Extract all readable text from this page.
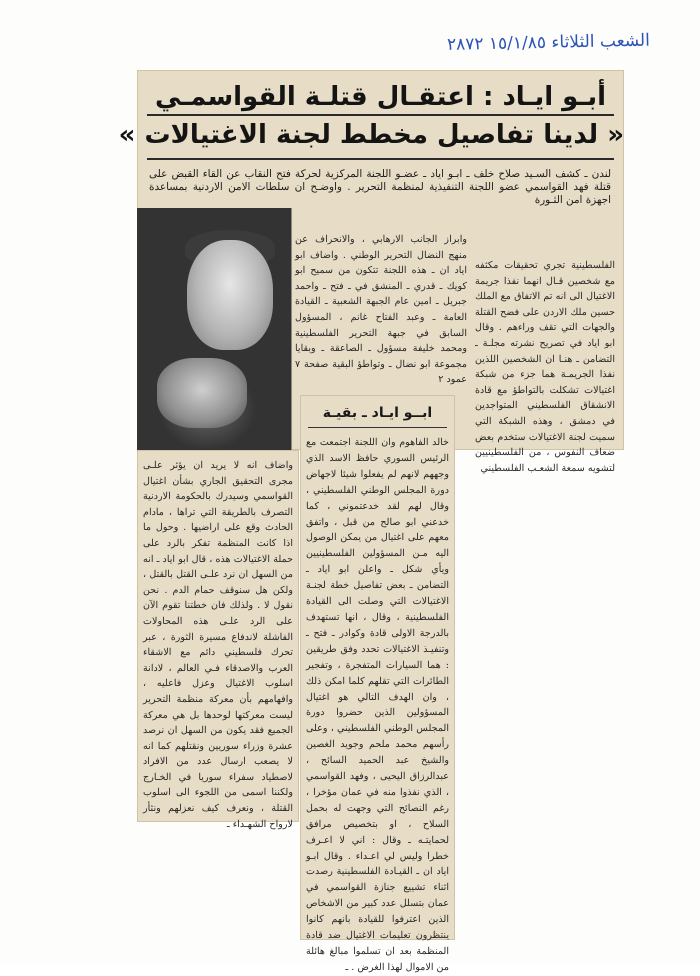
الشعب الثلاثاء ١٥/١/٨٥ ٢٨٧٢
أبـو ايـاد : اعتقـال قتلـة القواسمـي
« لدينا تفاصيل مخطط لجنة الاغتيالات »

لندن ـ كشف السـيد صلاح خلف ـ ابـو اياد ـ عضـو اللجنة المركزية لحركة فتح النقاب عن القاء القبض على قتلة فهد القواسمي عضو اللجنة التنفيذية لمنظمة التحرير . واوضـح ان سلطات الامن الاردنية بمساعدة اجهزة امن الثـورة

وابراز الجانب الارهابي ، والانحراف عن منهج النضال التحرير الوطني . واضاف ابو اياد ان ـ هذه اللجنة تتكون من سميح ابو كويك ـ قدري ـ المنشق في ـ فتح ـ واحمد جبريل ـ امين عام الجبهة الشعبية ـ القيادة العامة ـ وعبد الفتاح غانم ، المسؤول السابق في جبهة التحرير الفلسطينية ومحمد خليفة مسؤول ـ الصاعقة ـ وبقايا مجموعة ابو نضال ـ وتواطؤ البقية صفحة ٧ عمود ٢

الفلسطينية تجري تحقيقات مكثفه مع شخصين قـال انهما نفذا جريمة الاغتيال الى انه تم الاتفاق مع الملك حسين ملك الاردن على فضح القتلة والجهات التي تقف وراءهم . وقال ابو اياد في تصريح نشرته مجلـة ـ التضامن ـ هنـا ان الشخصين اللذين نفذا الجريمـة هما جزء من شبكة اغتيالات تشكلت بالتواطؤ مع قادة الانشقاق الفلسطيني المتواجدين في دمشق ، وهذه الشبكة التي سميت لجنة الاغتيالات ستخدم بعض ضعاف النفوس ، من الفلسطينيين لتشويه سمعة الشعـب الفلسطيني

واضاف انه لا يريد ان يؤثر علـى مجرى التحقيق الجاري بشأن اغتيال القواسمي وسيدرك بالحكومة الاردنية التصرف بالطريقة التي تراها ، مادام الحادث وقع على اراضيها . وحول ما اذا كانت المنظمة تفكر بالرد على حملة الاغتيالات هذه ، قال ابو اياد ـ انه من السهل ان نرد علـى القتل بالقتل ، ولكن هل سنوقف حمام الدم . نحن نقول لا . ولذلك فان خطتنا تقوم الآن على الرد علـى هذه المحاولات الفاشلة لاندفاع مسيرة الثورة ، عبر تحرك فلسطيني دائم مع الاشقاء العرب والاصدقاء فـي العالم ، لادانة اسلوب الاغتيال وعزل فاعليه ، وافهامهم بأن معركة منظمة التحرير ليست معركتها لوحدها بل هي معركة الجميع فقد يكون من السهل ان نرصد عشرة وزراء سوريين ونقتلهم كما انه لا يصعب ارسال عدد من الافراد لاصطياد سفراء سوريا في الخـارج ولكننا اسمى من اللجوء الى اسلوب القتلة ، ونعرف كيف نعزلهم ونثأر لارواح الشهـداء ـ

ابــو ايـاد ـ بقيـة

خالد الفاهوم وان اللجنة اجتمعت مع الرئيس السوري حافظ الاسد الذي وجههم لانهم لم يفعلوا شيئا لاجهاض دورة المجلس الوطني الفلسطيني ، وقال لهم لقد خدعتموني ، كما خدعني ابو صالح من قبل ، واتفق معهم على اغتيال من يمكن الوصول اليه مـن المسؤولين الفلسطينيين ويأي شكل ـ واعلن ابو اياد ـ التضامن ـ بعض تفاصيل خطة لجنـة الاغتيالات التي وصلت الى القيادة الفلسطينية ، وقال ، انها تستهدف بالدرجة الاولى قادة وكوادر ـ فتح ـ وتنفيـذ الاغتيالات تحدد وفق طريقين : هما السيارات المتفجرة ، وتفجير الطائرات التي تقلهم كلما امكن ذلك ، وان الهدف التالي هو اغتيال المسؤولين الذين حضروا دورة المجلس الوطني الفلسطيني ، وعلى رأسهم محمد ملحم وجويد الغصين والشيخ عبد الحميد السائح ، عبدالرزاق اليحيى ، وفهد القواسمي ، الذي نفذوا منه في عمان مؤخرا ، رغم النصائح التي وجهت له بحمل السلاح ، او بتخصيص مرافق لحمايتـه ـ وقال : اني لا اعـرف خطرا وليس لي اعـداء . وقال ابـو اياد ان ـ القيـادة الفلسطينية رصدت اثناء تشييع جنازة القواسمي في عمان بتسلل عدد كبير من الاشخاص الذين اعترفوا للقيادة بانهم كانوا ينتظرون تعليمات الاغتيال ضد قادة المنظمة بعد ان تسلموا مبالغ هائلة من الاموال لهذا الغرض . ـ
